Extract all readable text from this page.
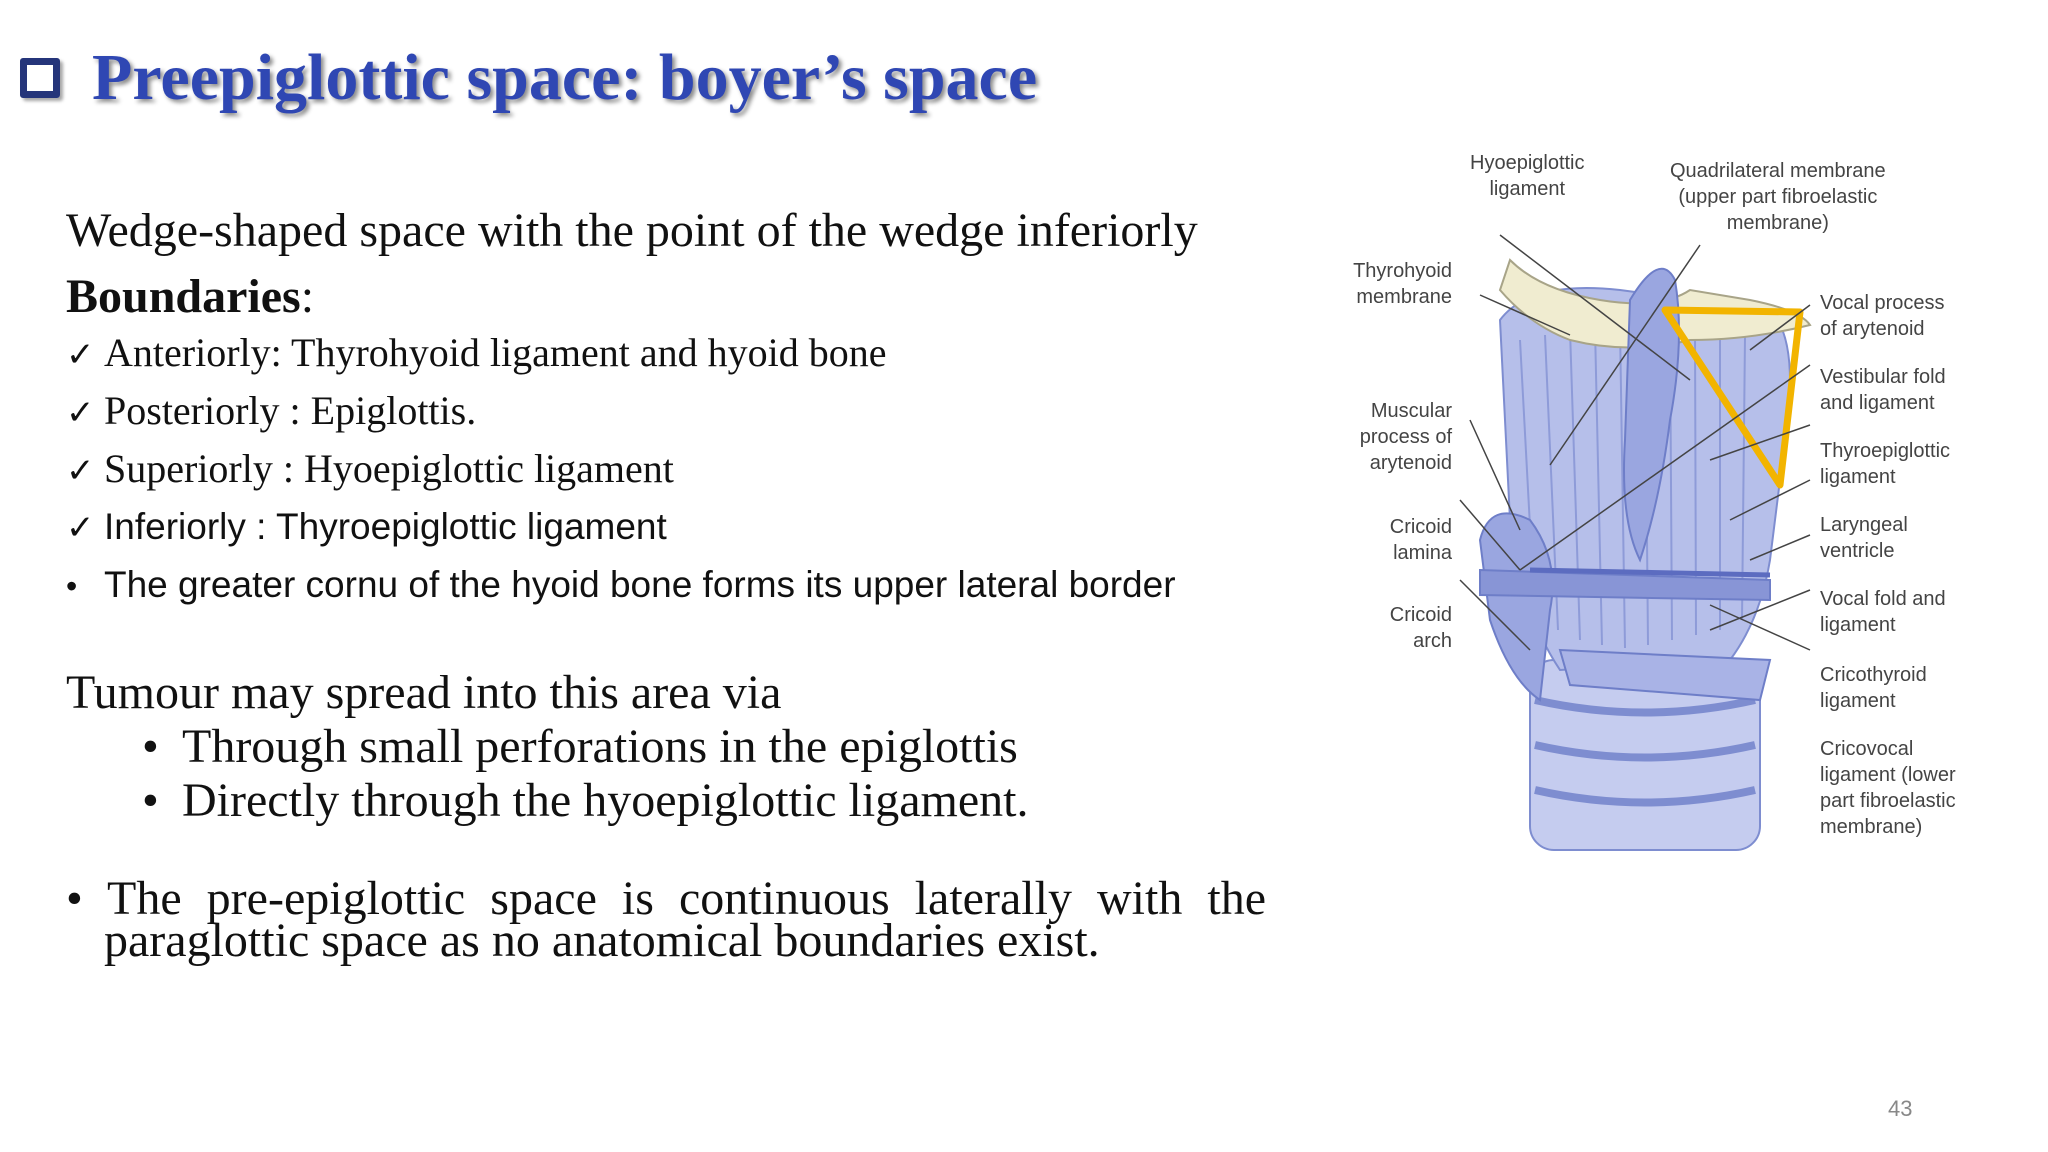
Preepiglottic space: boyer’s space

Wedge-shaped space with the point of the wedge inferiorly

Boundaries:
✓ Anteriorly: Thyrohyoid ligament and hyoid bone
✓ Posteriorly : Epiglottis.
✓ Superiorly : Hyoepiglottic ligament
✓ Inferiorly : Thyroepiglottic ligament
• The greater cornu of the hyoid bone forms its upper lateral border
Tumour may spread into this area via
• Through small perforations in the epiglottis
• Directly through the hyoepiglottic ligament.
• The pre-epiglottic space is continuous laterally with the paraglottic space as no anatomical boundaries exist.
Hyoepiglottic
ligament
Quadrilateral membrane
(upper part fibroelastic
membrane)
Thyrohyoid
membrane
Muscular
process of
arytenoid
Cricoid
lamina
Cricoid
arch
Vocal process
of arytenoid
Vestibular fold
and ligament
Thyroepiglottic
ligament
Laryngeal
ventricle
Vocal fold and
ligament
Cricothyroid
ligament
Cricovocal
ligament (lower
part fibroelastic
membrane)
43
